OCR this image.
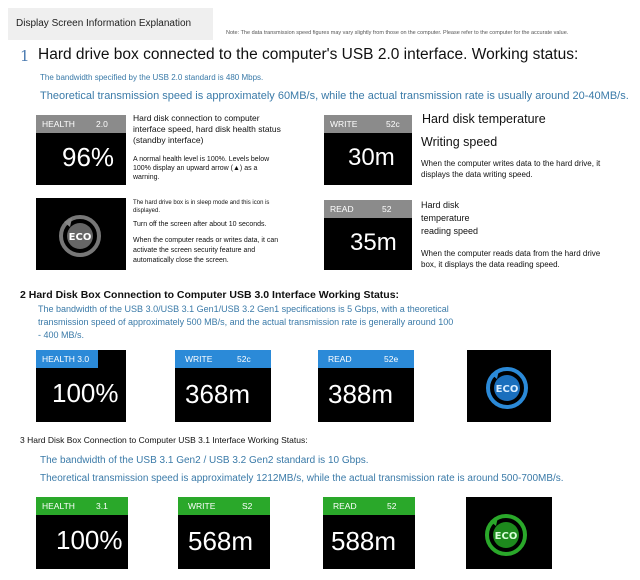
Display Screen Information Explanation
Note: The data transmission speed figures may vary slightly from those on the computer. Please refer to the computer for the accurate value.
1 Hard drive box connected to the computer's USB 2.0 interface. Working status:
The bandwidth specified by the USB 2.0 standard is 480 Mbps.
Theoretical transmission speed is approximately 60MB/s, while the actual transmission rate is usually around 20-40MB/s.
HEALTH 2.0
96%
Hard disk connection to computer interface speed, hard disk health status (standby interface)
A normal health level is 100%. Levels below 100% display an upward arrow (▲) as a warning.
ECO
The hard drive box is in sleep mode and this icon is displayed.
Turn off the screen after about 10 seconds.
When the computer reads or writes data, it can activate the screen security feature and automatically close the screen.
WRITE	52c
30m
Hard disk temperature
Writing speed
When the computer writes data to the hard drive, it displays the data writing speed.
READ	52
35m
Hard disk temperature reading speed
When the computer reads data from the hard drive box, it displays the data reading speed.
2 Hard Disk Box Connection to Computer USB 3.0 Interface Working Status:
The bandwidth of the USB 3.0/USB 3.1 Gen1/USB 3.2 Gen1 specifications is 5 Gbps, with a theoretical transmission speed of approximately 500 MB/s, and the actual transmission rate is generally around 100 - 400 MB/s.
HEALTH 3.0
100%
WRITE	52c
368m
READ	52e
388m	ECO
3 Hard Disk Box Connection to Computer USB 3.1 Interface Working Status:
The bandwidth of the USB 3.1 Gen2 / USB 3.2 Gen2 standard is 10 Gbps.
Theoretical transmission speed is approximately 1212MB/s, while the actual transmission rate is around 500-700MB/s.
HEALTH 3.1
100%
WRITE	S2
568m
READ	52
588m	ECO
